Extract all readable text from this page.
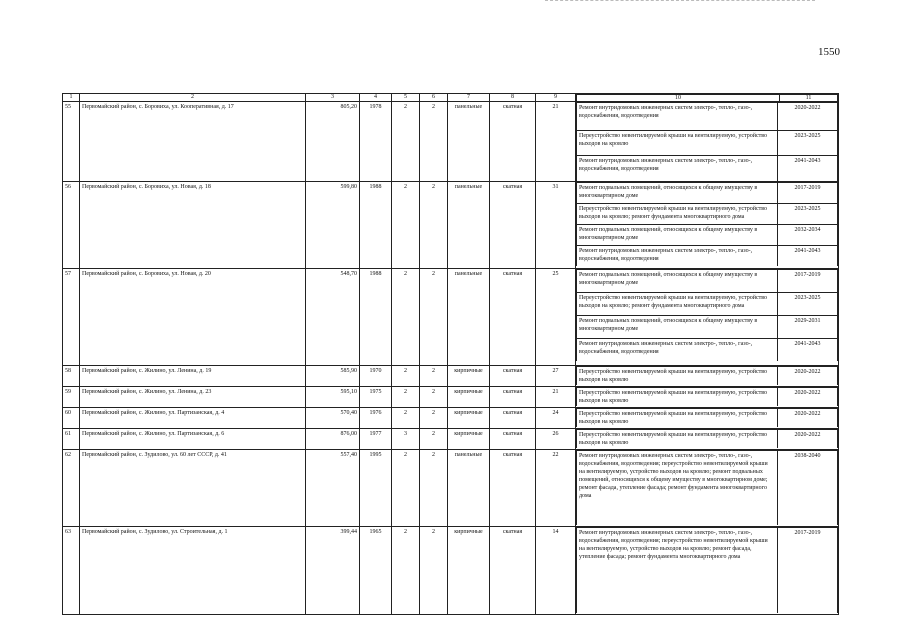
1550
1	2	3	4	5	6	7	8	9		10	11

55	Первомайский район, с. Боровиха, ул. Кооперативная, д. 17	805,20	1978	2	2	панельные	скатная	21		Ремонт внутридомовых инженерных систем электро-, тепло-, газо-, водоснабжения, водоотведения	2020-2022
Переустройство невентилируемой крыши на вентилируемую, устройство выходов на кровлю	2023-2025
Ремонт внутридомовых инженерных систем электро-, тепло-, газо-, водоснабжения, водоотведения	2041-2043

56	Первомайский район, с. Боровиха, ул. Новая, д. 18	599,80	1988	2	2	панельные	скатная	31		Ремонт подвальных помещений, относящихся к общему имуществу в многоквартирном доме	2017-2019
Переустройство невентилируемой крыши на вентилируемую, устройство выходов на кровлю; ремонт фундамента многоквартирного дома	2023-2025
Ремонт подвальных помещений, относящихся к общему имуществу в многоквартирном доме	2032-2034
Ремонт внутридомовых инженерных систем электро-, тепло-, газо-, водоснабжения, водоотведения	2041-2043

57	Первомайский район, с. Боровиха, ул. Новая, д. 20	548,70	1988	2	2	панельные	скатная	25		Ремонт подвальных помещений, относящихся к общему имуществу в многоквартирном доме	2017-2019
Переустройство невентилируемой крыши на вентилируемую, устройство выходов на кровлю; ремонт фундамента многоквартирного дома	2023-2025
Ремонт подвальных помещений, относящихся к общему имуществу в многоквартирном доме	2029-2031
Ремонт внутридомовых инженерных систем электро-, тепло-, газо-, водоснабжения, водоотведения	2041-2043

58	Первомайский район, с. Жилино, ул. Ленина, д. 19	585,90	1970	2	2	кирпичные	скатная	27		Переустройство невентилируемой крыши на вентилируемую, устройство выходов на кровлю	2020-2022

59	Первомайский район, с. Жилино, ул. Ленина, д. 23	595,10	1975	2	2	кирпичные	скатная	21		Переустройство невентилируемой крыши на вентилируемую, устройство выходов на кровлю	2020-2022

60	Первомайский район, с. Жилино, ул. Партизанская, д. 4	570,40	1976	2	2	кирпичные	скатная	24		Переустройство невентилируемой крыши на вентилируемую, устройство выходов на кровлю	2020-2022

61	Первомайский район, с. Жилино, ул. Партизанская, д. 6	876,00	1977	3	2	кирпичные	скатная	26		Переустройство невентилируемой крыши на вентилируемую, устройство выходов на кровлю	2020-2022

62	Первомайский район, с. Зудилово, ул. 60 лет СССР, д. 41	557,40	1995	2	2	панельные	скатная	22		Ремонт внутридомовых инженерных систем электро-, тепло-, газо-, водоснабжения, водоотведения; переустройство невентилируемой крыши на вентилируемую, устройство выходов на кровлю; ремонт подвальных помещений, относящихся к общему имуществу в многоквартирном доме; ремонт фасада, утепление фасада; ремонт фундамента многоквартирного дома	2038-2040

63	Первомайский район, с. Зудилово, ул. Строительная, д. 1	399,44	1965	2	2	кирпичные	скатная	14		Ремонт внутридомовых инженерных систем электро-, тепло-, газо-, водоснабжения, водоотведения; переустройство невентилируемой крыши на вентилируемую, устройство выходов на кровлю; ремонт фасада, утепление фасада; ремонт фундамента многоквартирного дома	2017-2019
